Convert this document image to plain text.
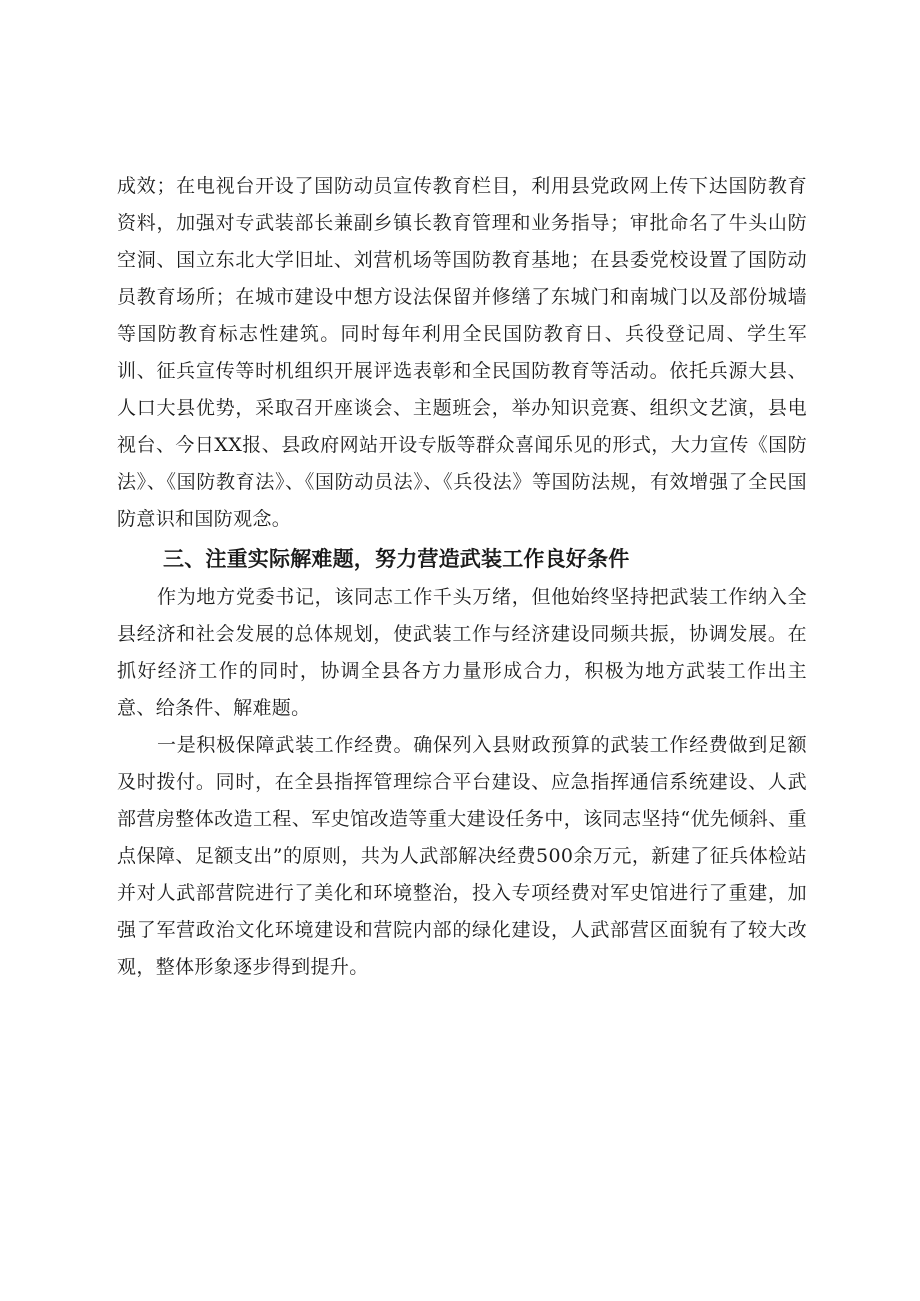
成效；在电视台开设了国防动员宣传教育栏目，利用县党政网上传下达国防教育资料，加强对专武装部长兼副乡镇长教育管理和业务指导；审批命名了牛头山防空洞、国立东北大学旧址、刘营机场等国防教育基地；在县委党校设置了国防动员教育场所；在城市建设中想方设法保留并修缮了东城门和南城门以及部份城墙等国防教育标志性建筑。同时每年利用全民国防教育日、兵役登记周、学生军训、征兵宣传等时机组织开展评选表彰和全民国防教育等活动。依托兵源大县、人口大县优势，采取召开座谈会、主题班会，举办知识竞赛、组织文艺演，县电视台、今日XX报、县政府网站开设专版等群众喜闻乐见的形式，大力宣传《国防法》、《国防教育法》、《国防动员法》、《兵役法》等国防法规，有效增强了全民国防意识和国防观念。

三、注重实际解难题，努力营造武装工作良好条件

作为地方党委书记，该同志工作千头万绪，但他始终坚持把武装工作纳入全县经济和社会发展的总体规划，使武装工作与经济建设同频共振，协调发展。在抓好经济工作的同时，协调全县各方力量形成合力，积极为地方武装工作出主意、给条件、解难题。

一是积极保障武装工作经费。确保列入县财政预算的武装工作经费做到足额及时拨付。同时，在全县指挥管理综合平台建设、应急指挥通信系统建设、人武部营房整体改造工程、军史馆改造等重大建设任务中，该同志坚持“优先倾斜、重点保障、足额支出”的原则，共为人武部解决经费500余万元，新建了征兵体检站并对人武部营院进行了美化和环境整治，投入专项经费对军史馆进行了重建，加强了军营政治文化环境建设和营院内部的绿化建设，人武部营区面貌有了较大改观，整体形象逐步得到提升。
